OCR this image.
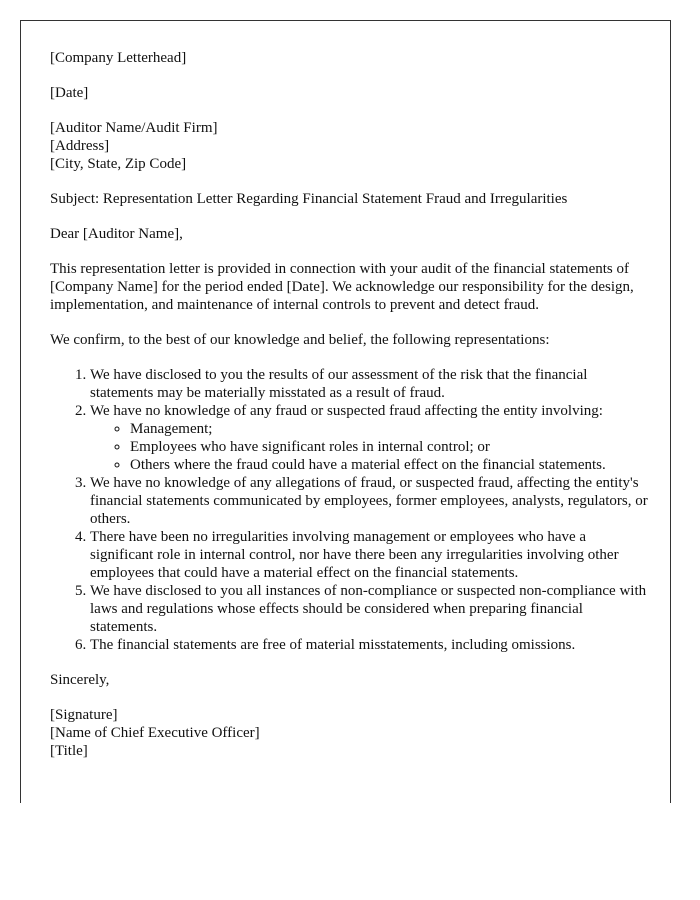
[Company Letterhead]

[Date]

[Auditor Name/Audit Firm]
[Address]
[City, State, Zip Code]

Subject: Representation Letter Regarding Financial Statement Fraud and Irregularities

Dear [Auditor Name],

This representation letter is provided in connection with your audit of the financial statements of [Company Name] for the period ended [Date]. We acknowledge our responsibility for the design, implementation, and maintenance of internal controls to prevent and detect fraud.

We confirm, to the best of our knowledge and belief, the following representations:

1. We have disclosed to you the results of our assessment of the risk that the financial statements may be materially misstated as a result of fraud.
2. We have no knowledge of any fraud or suspected fraud affecting the entity involving:
◦ Management;
◦ Employees who have significant roles in internal control; or
◦ Others where the fraud could have a material effect on the financial statements.
3. We have no knowledge of any allegations of fraud, or suspected fraud, affecting the entity's financial statements communicated by employees, former employees, analysts, regulators, or others.
4. There have been no irregularities involving management or employees who have a significant role in internal control, nor have there been any irregularities involving other employees that could have a material effect on the financial statements.
5. We have disclosed to you all instances of non-compliance or suspected non-compliance with laws and regulations whose effects should be considered when preparing financial statements.
6. The financial statements are free of material misstatements, including omissions.

Sincerely,

[Signature]
[Name of Chief Executive Officer]
[Title]
